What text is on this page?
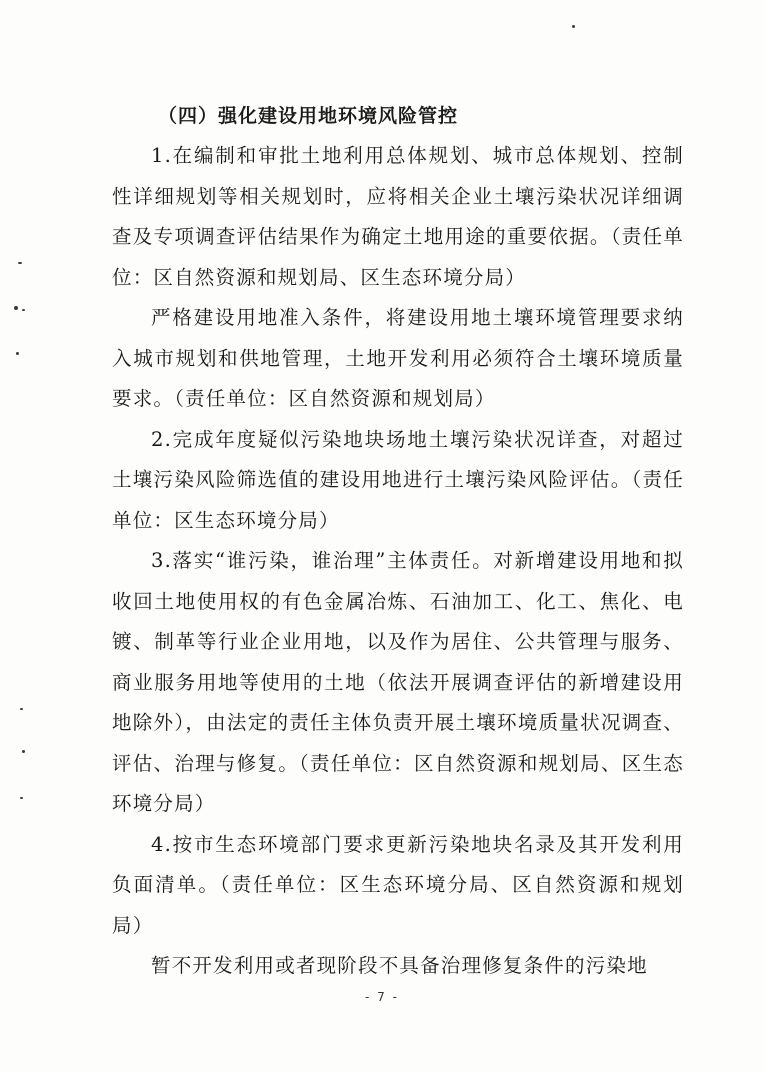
（四）强化建设用地环境风险管控

1.在编制和审批土地利用总体规划、城市总体规划、控制性详细规划等相关规划时，应将相关企业土壤污染状况详细调查及专项调查评估结果作为确定土地用途的重要依据。（责任单位：区自然资源和规划局、区生态环境分局）

严格建设用地准入条件，将建设用地土壤环境管理要求纳入城市规划和供地管理，土地开发利用必须符合土壤环境质量要求。（责任单位：区自然资源和规划局）

2.完成年度疑似污染地块场地土壤污染状况详查，对超过土壤污染风险筛选值的建设用地进行土壤污染风险评估。（责任单位：区生态环境分局）

3.落实“谁污染，谁治理”主体责任。对新增建设用地和拟收回土地使用权的有色金属冶炼、石油加工、化工、焦化、电镀、制革等行业企业用地，以及作为居住、公共管理与服务、商业服务用地等使用的土地（依法开展调查评估的新增建设用地除外），由法定的责任主体负责开展土壤环境质量状况调查、评估、治理与修复。（责任单位：区自然资源和规划局、区生态环境分局）

4.按市生态环境部门要求更新污染地块名录及其开发利用负面清单。（责任单位：区生态环境分局、区自然资源和规划局）

暂不开发利用或者现阶段不具备治理修复条件的污染地

- 7 -
